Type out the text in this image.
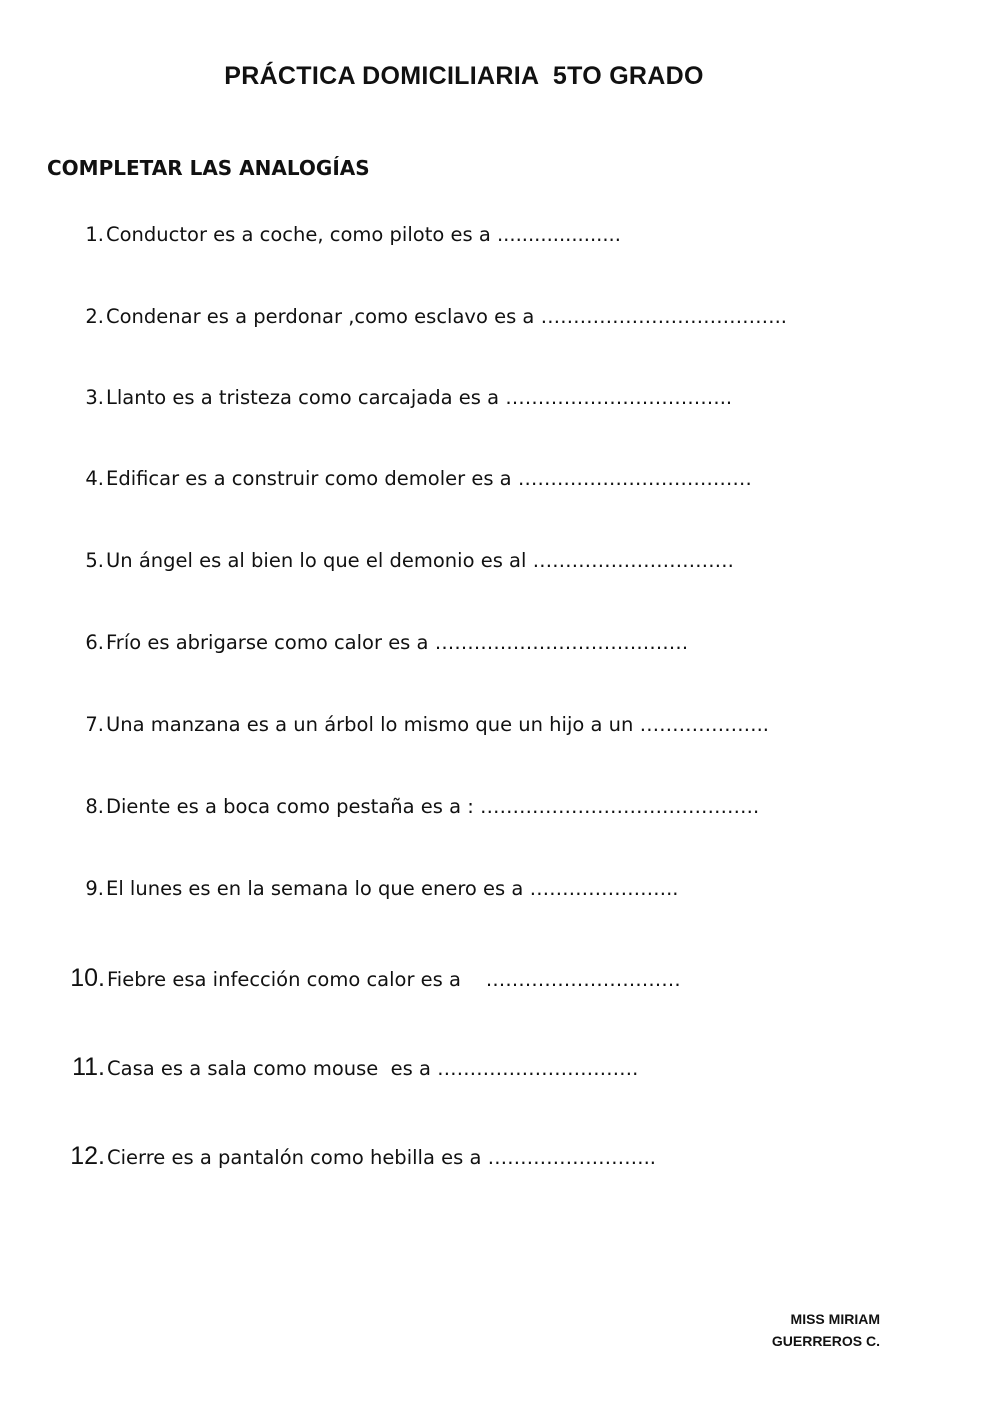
PRÁCTICA DOMICILIARIA  5TO GRADO
COMPLETAR LAS ANALOGÍAS
1. Conductor es a coche, como piloto es a ....................
2. Condenar es a perdonar ,como esclavo es a ………………………………..
3. Llanto es a tristeza como carcajada es a ……………………………..
4. Edificar es a construir como demoler es a ………………………………
5. Un ángel es al bien lo que el demonio es al ………………………….
6. Frío es abrigarse como calor es a …………………………………
7. Una manzana es a un árbol lo mismo que un hijo a un ………………..
8. Diente es a boca como pestaña es a : …………………………………….
9. El lunes es en la semana lo que enero es a …………………..
10. Fiebre esa infección como calor es a    …………………………
11. Casa es a sala como mouse  es a ………………………….
12. Cierre es a pantalón como hebilla es a ……………………..
MISS MIRIAM
GUERREROS C.
